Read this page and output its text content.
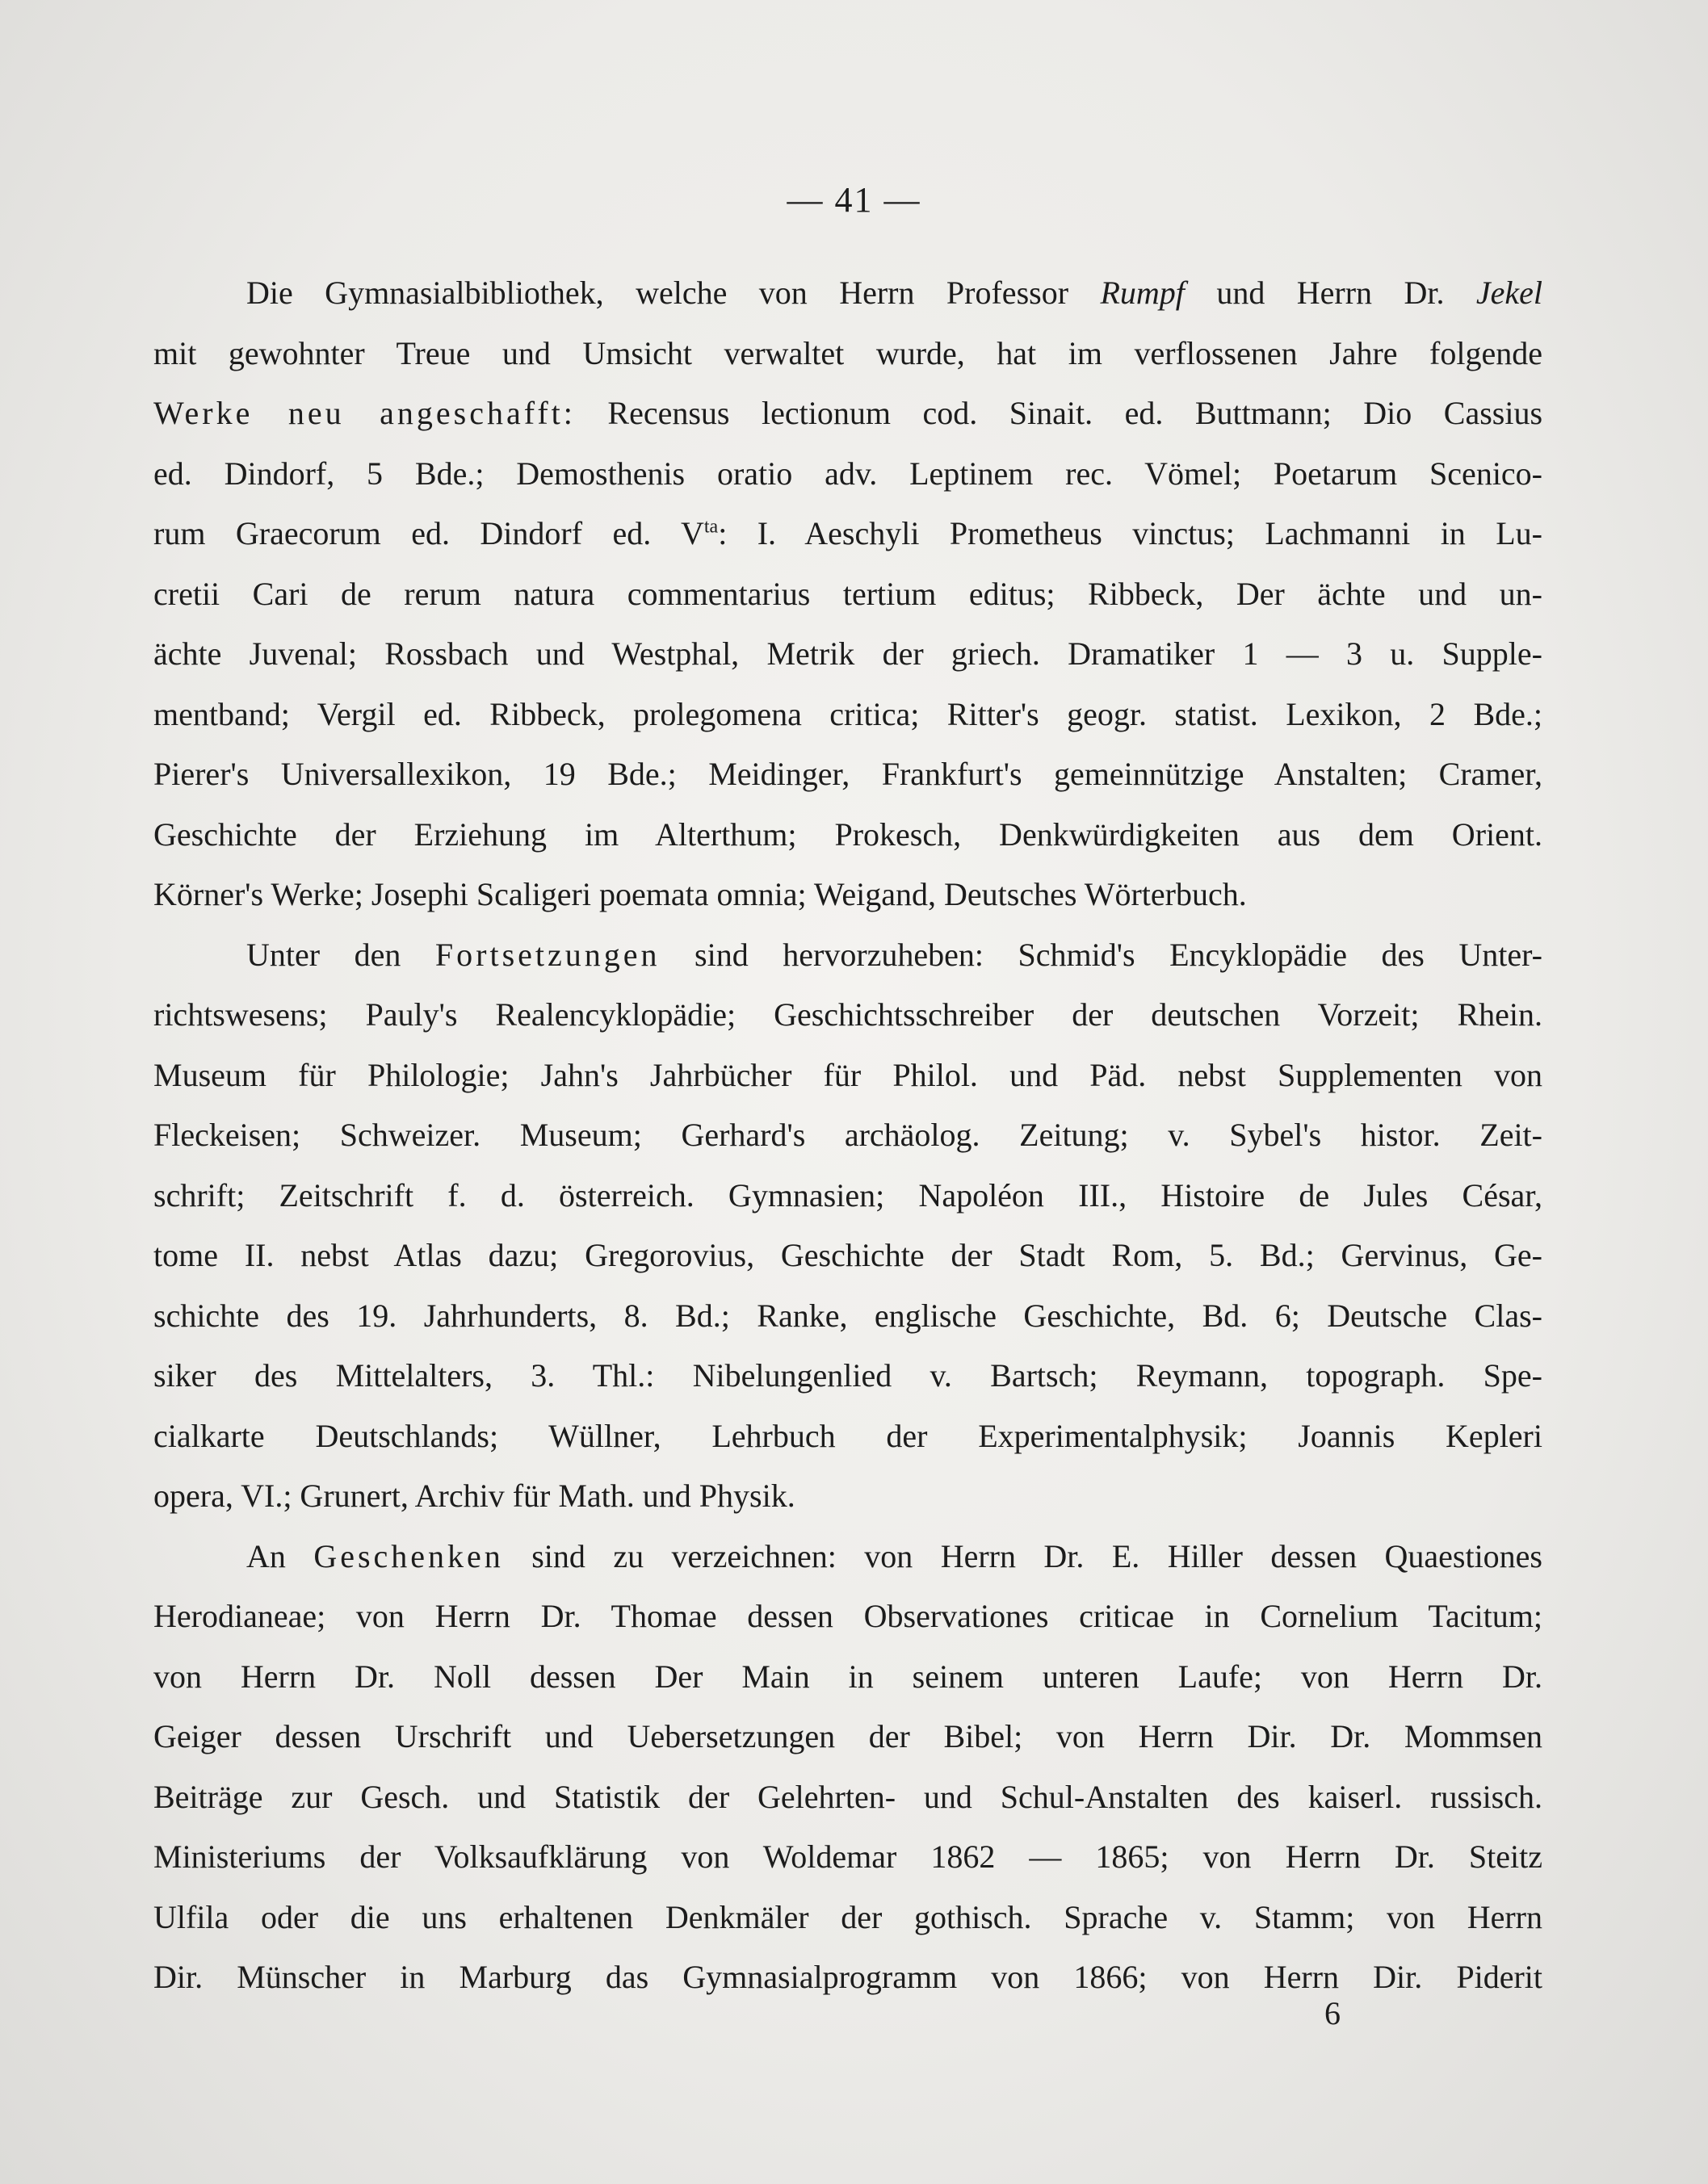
— 41 —
Die Gymnasialbibliothek, welche von Herrn Professor Rumpf und Herrn Dr. Jekel
mit gewohnter Treue und Umsicht verwaltet wurde, hat im verflossenen Jahre folgende
Werke neu angeschafft: Recensus lectionum cod. Sinait. ed. Buttmann; Dio Cassius
ed. Dindorf, 5 Bde.; Demosthenis oratio adv. Leptinem rec. Vömel; Poetarum Scenico-
rum Graecorum ed. Dindorf ed. $V^{ta}$: I. Aeschyli Prometheus vinctus; Lachmanni in Lu-
cretii Cari de rerum natura commentarius tertium editus; Ribbeck, Der ächte und un-
ächte Juvenal; Rossbach und Westphal, Metrik der griech. Dramatiker 1 — 3 u. Supple-
mentband; Vergil ed. Ribbeck, prolegomena critica; Ritter's geogr. statist. Lexikon, 2 Bde.;
Pierer's Universallexikon, 19 Bde.; Meidinger, Frankfurt's gemeinnützige Anstalten; Cramer,
Geschichte der Erziehung im Alterthum; Prokesch, Denkwürdigkeiten aus dem Orient.
Körner's Werke; Josephi Scaligeri poemata omnia; Weigand, Deutsches Wörterbuch.
Unter den Fortsetzungen sind hervorzuheben: Schmid's Encyklopädie des Unter-
richtswesens; Pauly's Realencyklopädie; Geschichtsschreiber der deutschen Vorzeit; Rhein.
Museum für Philologie; Jahn's Jahrbücher für Philol. und Päd. nebst Supplementen von
Fleckeisen; Schweizer. Museum; Gerhard's archäolog. Zeitung; v. Sybel's histor. Zeit-
schrift; Zeitschrift f. d. österreich. Gymnasien; Napoléon III., Histoire de Jules César,
tome II. nebst Atlas dazu; Gregorovius, Geschichte der Stadt Rom, 5. Bd.; Gervinus, Ge-
schichte des 19. Jahrhunderts, 8. Bd.; Ranke, englische Geschichte, Bd. 6; Deutsche Clas-
siker des Mittelalters, 3. Thl.: Nibelungenlied v. Bartsch; Reymann, topograph. Spe-
cialkarte Deutschlands; Wüllner, Lehrbuch der Experimentalphysik; Joannis Kepleri
opera, VI.; Grunert, Archiv für Math. und Physik.
An Geschenken sind zu verzeichnen: von Herrn Dr. E. Hiller dessen Quaestiones
Herodianeae; von Herrn Dr. Thomae dessen Observationes criticae in Cornelium Tacitum;
von Herrn Dr. Noll dessen Der Main in seinem unteren Laufe; von Herrn Dr.
Geiger dessen Urschrift und Uebersetzungen der Bibel; von Herrn Dir. Dr. Mommsen
Beiträge zur Gesch. und Statistik der Gelehrten- und Schul-Anstalten des kaiserl. russisch.
Ministeriums der Volksaufklärung von Woldemar 1862 — 1865; von Herrn Dr. Steitz
Ulfila oder die uns erhaltenen Denkmäler der gothisch. Sprache v. Stamm; von Herrn
Dir. Münscher in Marburg das Gymnasialprogramm von 1866; von Herrn Dir. Piderit
6
